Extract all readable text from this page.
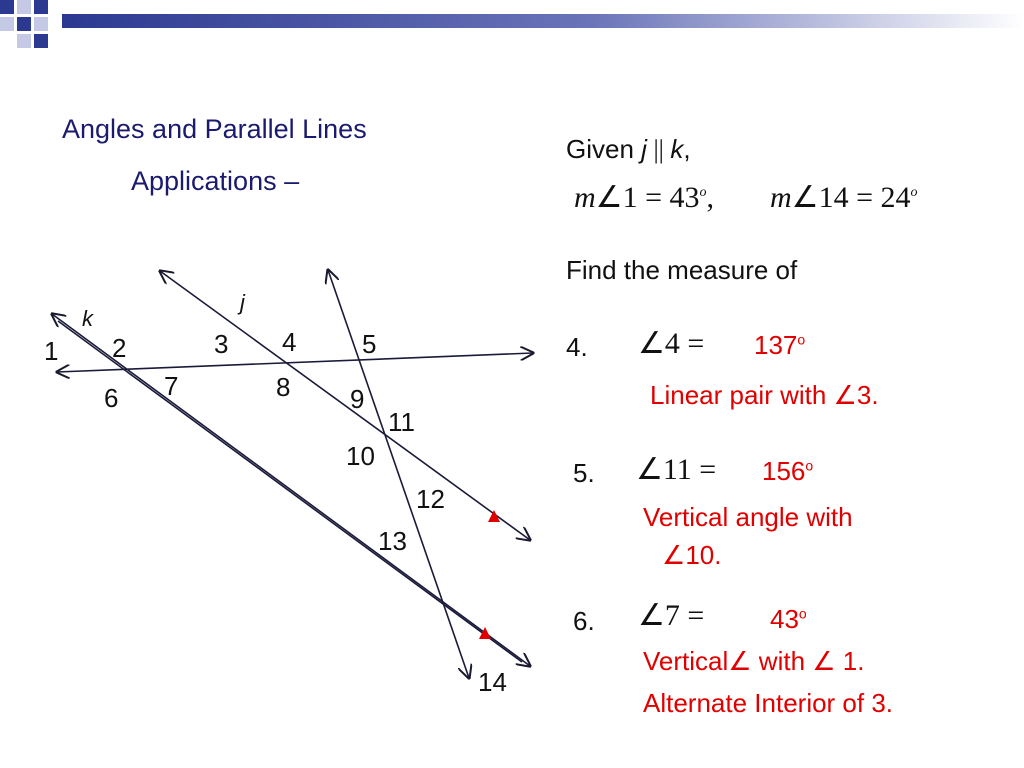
Angles and Parallel Lines
Applications –
Given j || k,
m∠1 = $43^o$, m∠14 = $24^o$
Find the measure of
4. ∠4 = $137^o$
Linear pair with ∠3.
5. ∠11 = $156^o$
Vertical angle with
∠10.
6. ∠7 =	$43^o$
Vertical∠ with ∠ 1.
Alternate Interior of 3.
k
j
1 2	3 4	5
6 7	8 9
10
11
12
13
14
